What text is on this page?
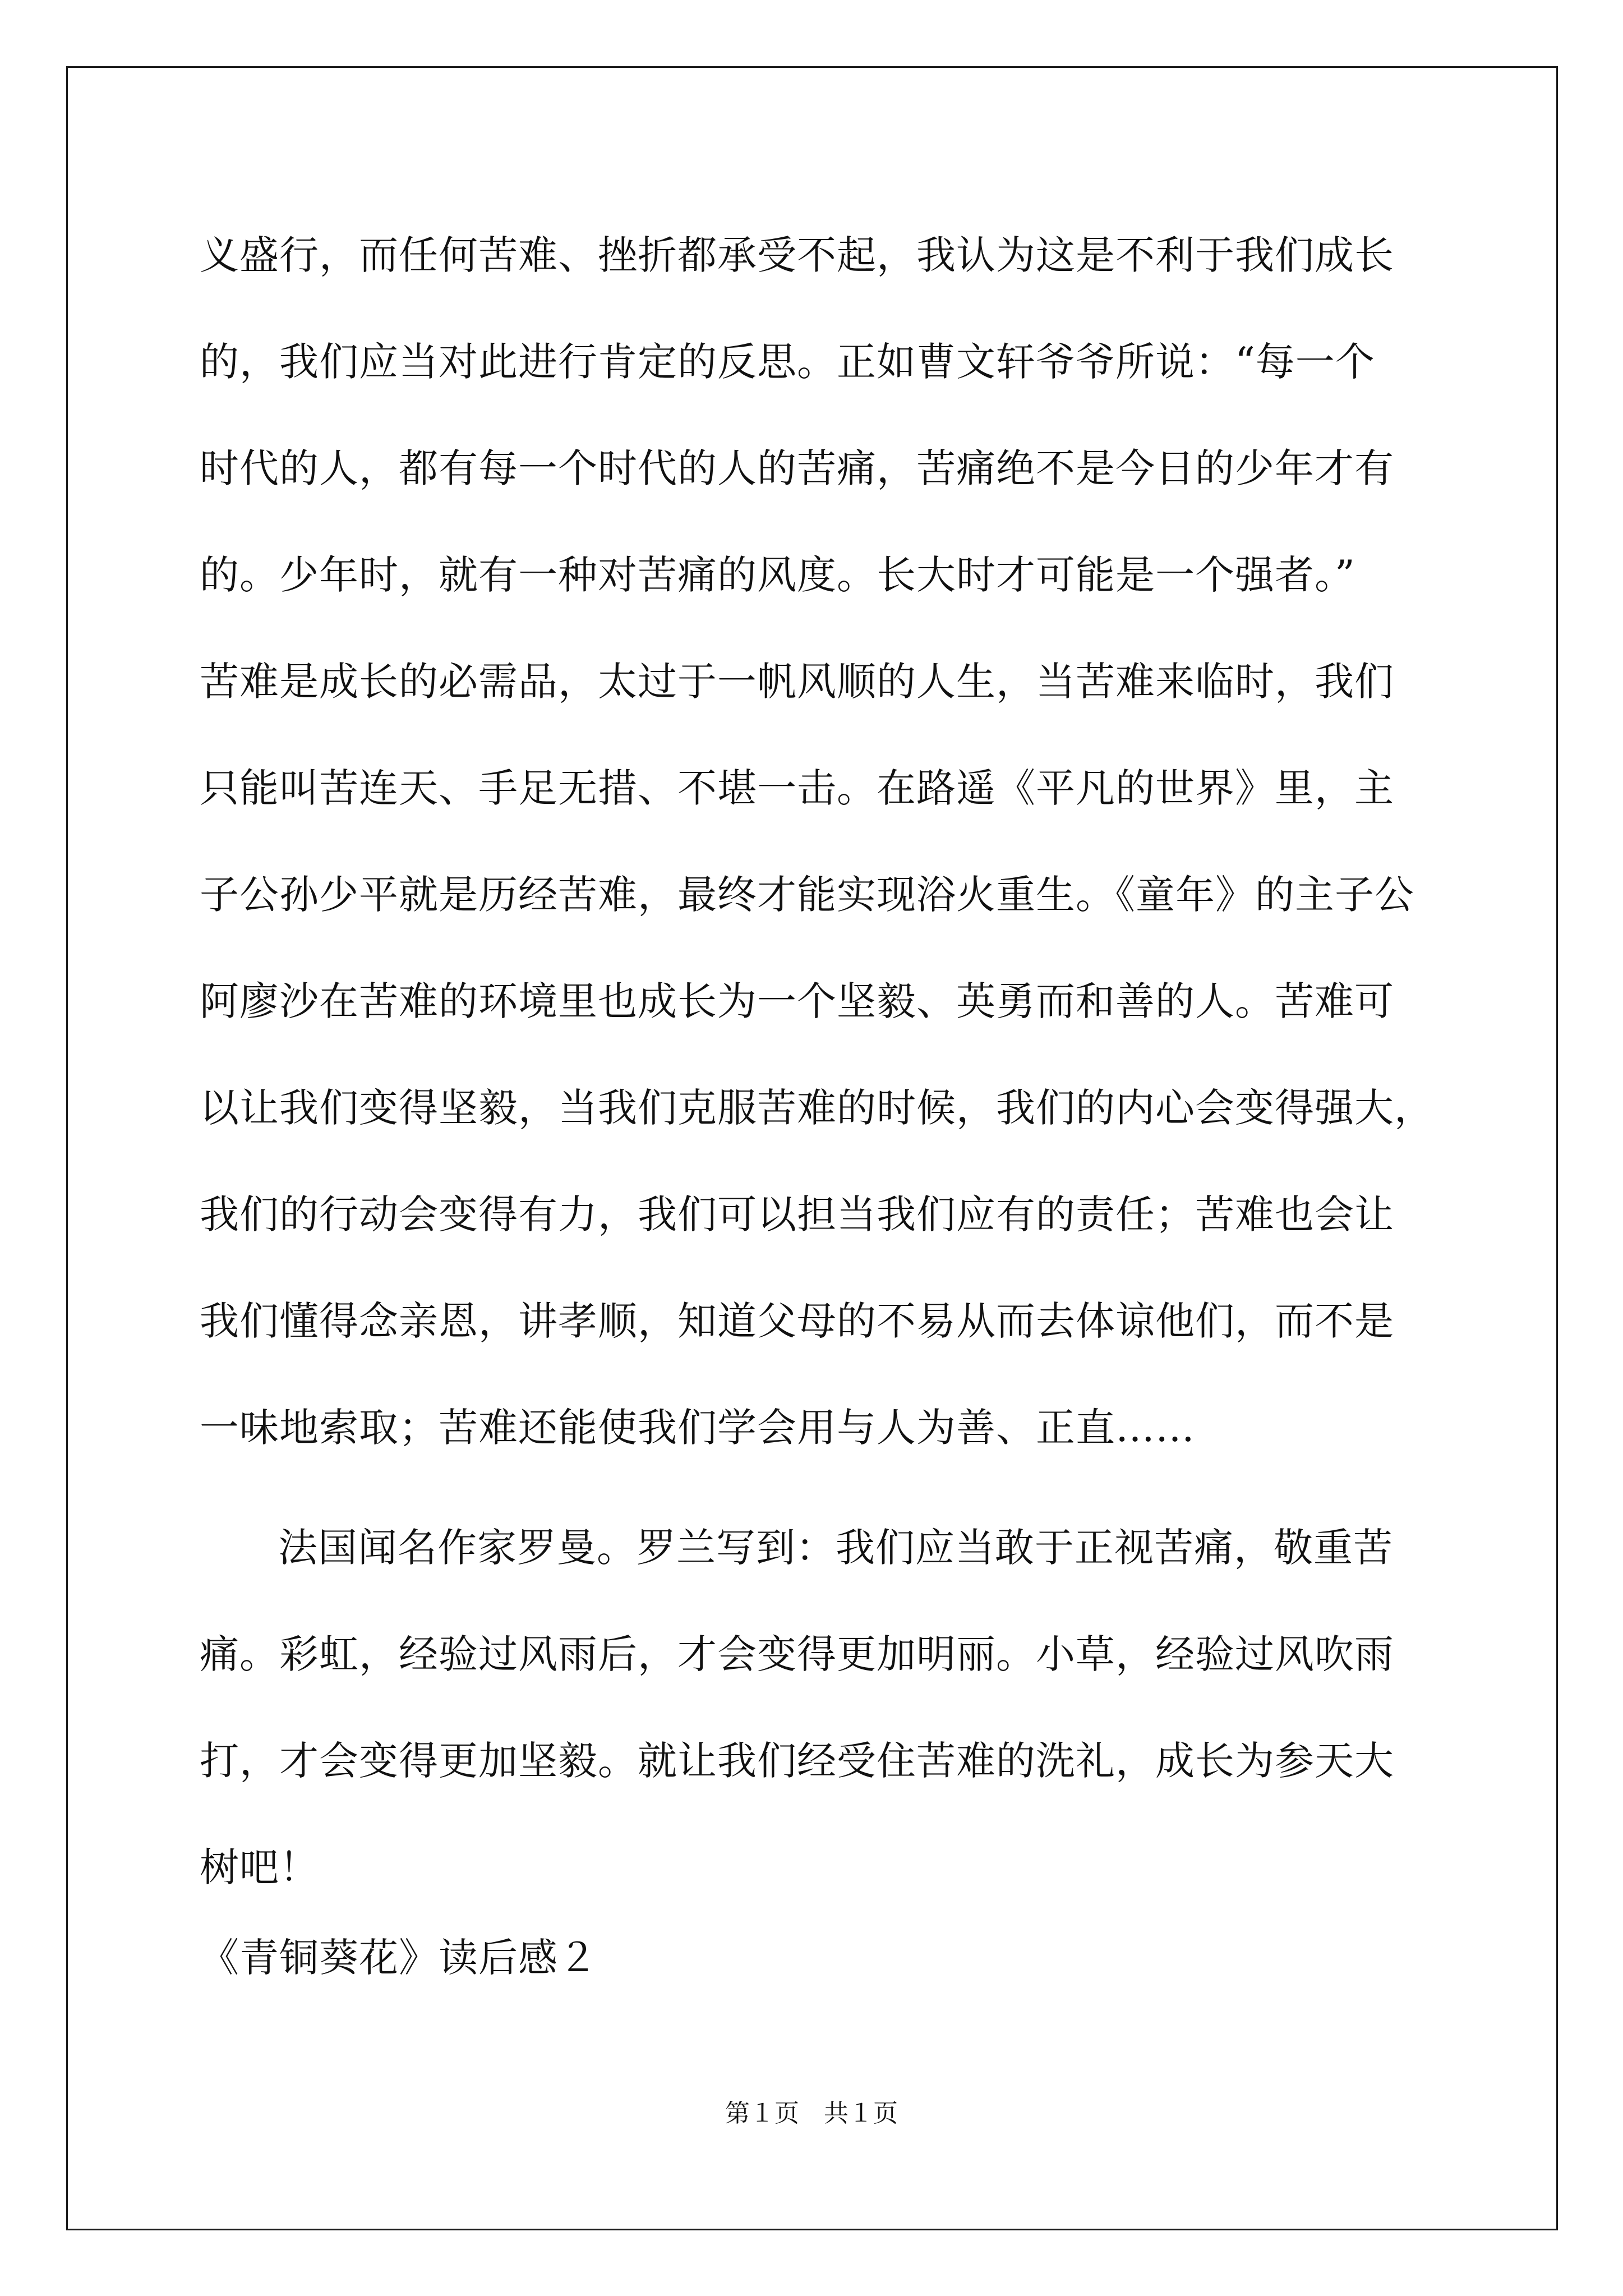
义盛行，而任何苦难、挫折都承受不起，我认为这是不利于我们成长
的，我们应当对此进行肯定的反思。正如曹文轩爷爷所说：“每一个
时代的人，都有每一个时代的人的苦痛，苦痛绝不是今日的少年才有
的。少年时，就有一种对苦痛的风度。长大时才可能是一个强者。”
苦难是成长的必需品，太过于一帆风顺的人生，当苦难来临时，我们
只能叫苦连天、手足无措、不堪一击。在路遥《平凡的世界》里，主
子公孙少平就是历经苦难，最终才能实现浴火重生。《童年》的主子公
阿廖沙在苦难的环境里也成长为一个坚毅、英勇而和善的人。苦难可
以让我们变得坚毅，当我们克服苦难的时候，我们的内心会变得强大，
我们的行动会变得有力，我们可以担当我们应有的责任；苦难也会让
我们懂得念亲恩，讲孝顺，知道父母的不易从而去体谅他们，而不是
一味地索取；苦难还能使我们学会用与人为善、正直……
法国闻名作家罗曼。罗兰写到：我们应当敢于正视苦痛，敬重苦
痛。彩虹，经验过风雨后，才会变得更加明丽。小草，经验过风吹雨
打，才会变得更加坚毅。就让我们经受住苦难的洗礼，成长为参天大
树吧！
《青铜葵花》读后感２
第１页　共１页
